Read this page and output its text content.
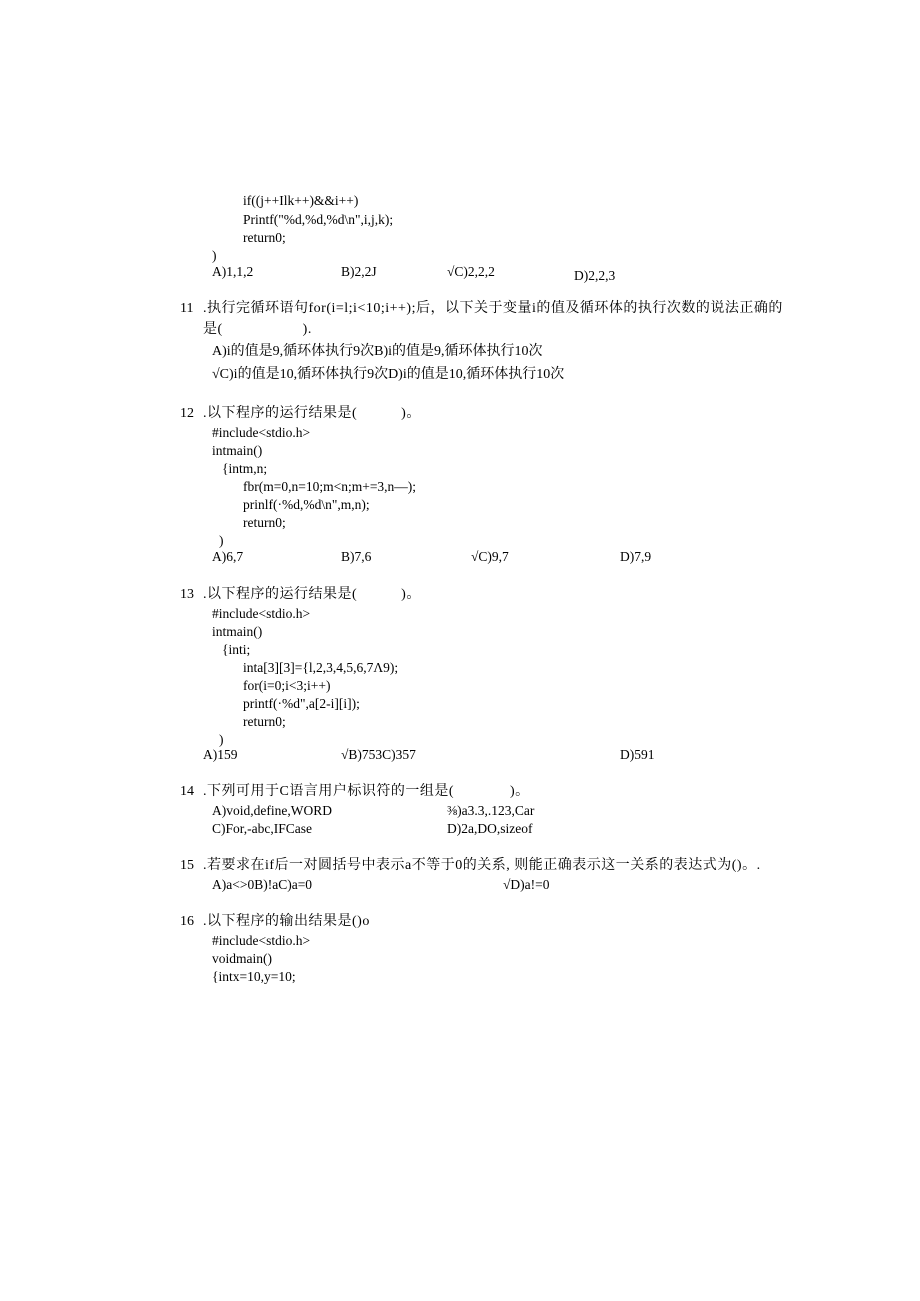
if((j++Ilk++)&&i++)
Printf("%d,%d,%d\n",i,j,k);
return0;
)
A)1,1,2	B)2,2J	√C)2,2,2	D)2,2,3
11 .执行完循环语句for(i=l;i<10;i++);后，以下关于变量i的值及循环体的执行次数的说法正确的
是(                    ).
A)i的值是9,循环体执行9次B)i的值是9,循环体执行10次
√C)i的值是10,循环体执行9次D)i的值是10,循环体执行10次
12 .以下程序的运行结果是(           )。
#include<stdio.h>
intmain()
{intm,n;
fbr(m=0,n=10;m<n;m+=3,n—);
prinlf(·%d,%d\n",m,n);
return0;
)
A)6,7	B)7,6	√C)9,7	D)7,9
13 .以下程序的运行结果是(           )。
#include<stdio.h>
intmain()
{inti;
inta[3][3]={l,2,3,4,5,6,7Λ9);
for(i=0;i<3;i++)
printf(·%d",a[2-i][i]);
return0;
)
A)159	√B)753C)357	D)591
14 .下列可用于C语言用户标识符的一组是(              )。
A)void,define,WORD	⅜)a3.3,.123,Car
C)For,-abc,IFCase	D)2a,DO,sizeof
15 .若要求在if后一对圆括号中表示a不等于0的关系, 则能正确表示这一关系的表达式为()。.
A)a<>0B)!aC)a=0	√D)a!=0
16 .以下程序的输出结果是()o
#include<stdio.h>
voidmain()
{intx=10,y=10;
